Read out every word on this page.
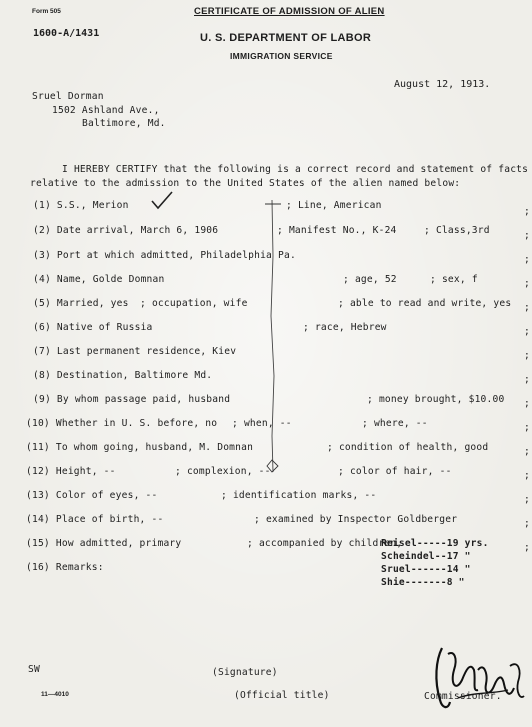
Form 505	CERTIFICATE OF ADMISSION OF ALIEN
1600-A/1431	U. S. DEPARTMENT OF LABOR
IMMIGRATION SERVICE
August 12, 1913.
Sruel Dorman
1502 Ashland Ave.,
Baltimore, Md.
I HEREBY CERTIFY that the following is a correct record and statement of facts
relative to the admission to the United States of the alien named below:
(1) S.S., Merion	; Line, American
(2) Date arrival, March 6, 1906	; Manifest No., K-24	; Class,3rd
(3) Port at which admitted, Philadelphia Pa.
(4) Name, Golde Domnan	; age, 52	; sex, f
(5) Married, yes ; occupation, wife	; able to read and write, yes
(6) Native of Russia	; race, Hebrew
(7) Last permanent residence, Kiev
(8) Destination, Baltimore Md.
(9) By whom passage paid, husband	; money brought, $10.00
(10) Whether in U. S. before, no ; when, --	; where, --
(11) To whom going, husband, M. Domnan	; condition of health, good
(12) Height, --	; complexion, --	; color of hair, --
(13) Color of eyes, --	; identification marks, --
(14) Place of birth, --	; examined by Inspector Goldberger
(15) How admitted, primary	; accompanied by children,
Reisel-----19 yrs.
Scheindel--17 "
Sruel------14 "
Shie-------8 "
(16) Remarks:
;
;
;
;
;
;
;
;
;
;
;
;
;
;
;
SW	(Signature)
(Official title)	Commissioner.
11—4010
